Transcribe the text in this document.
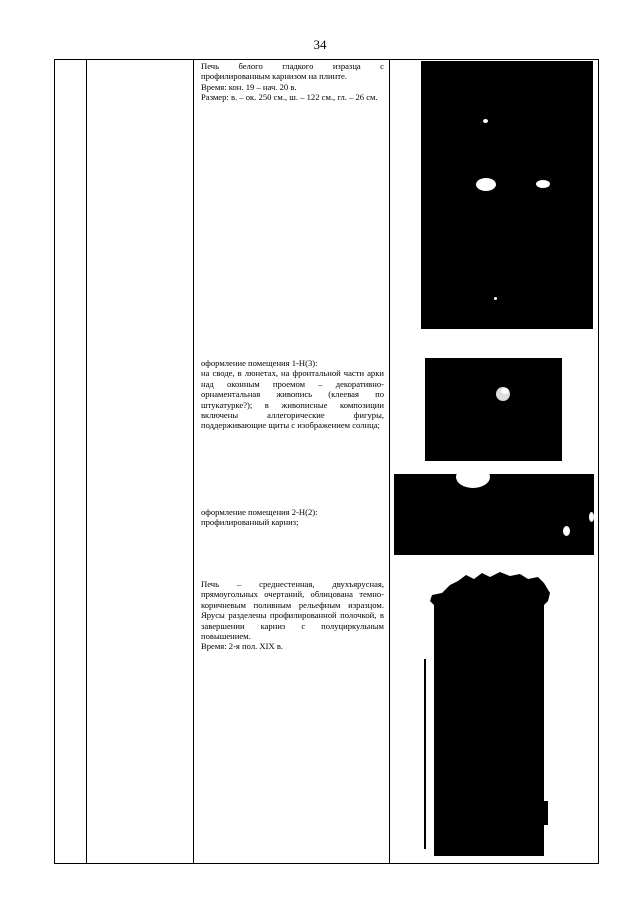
34

Печь белого гладкого изразца с профилированным карнизом на плинте.

Время: кон. 19 – нач. 20 в.

Размер: в. – ок. 250 см., ш. – 122 см., гл. – 26 см.

оформление помещения 1-Н(3):

на своде, в люнетах, на фронтальной части арки над оконным проемом – декоративно-орнаментальная живопись (клеевая по штукатурке?); в живописные композиции включены аллегорические фигуры, поддерживающие щиты с изображением солнца;

оформление помещения 2-Н(2):

профилированный карниз;

Печь – среднестенная, двухъярусная, прямоугольных очертаний, облицована темно-коричневым поливным рельефным изразцом. Ярусы разделены профилированной полочкой, в завершении карниз с полуциркульным повышением.

Время: 2-я пол. XIX в.
